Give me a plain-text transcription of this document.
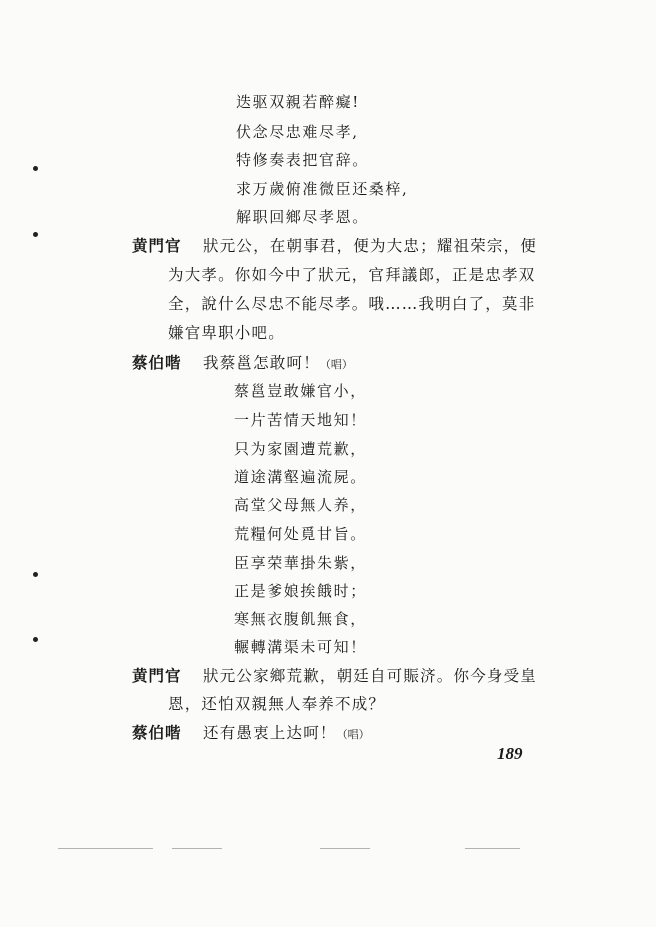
迭驱双親若醉癡!
伏念尽忠难尽孝,
特修奏表把官辞。
求万歲俯准微臣还桑梓,
解职回鄉尽孝恩。
黄門官 狀元公，在朝事君，便为大忠；耀祖荣宗，便
为大孝。你如今中了狀元，官拜議郎，正是忠孝双
全，說什么尽忠不能尽孝。哦……我明白了，莫非
嫌官卑职小吧。
蔡伯喈 我蔡邕怎敢呵！（唱）
蔡邕豈敢嫌官小，
一片苦情天地知！
只为家園遭荒歉，
道途溝壑遍流屍。
高堂父母無人养，
荒糧何处覓甘旨。
臣享荣華掛朱紫，
正是爹娘挨餓时；
寒無衣腹飢無食，
輾轉溝渠未可知！
黄門官 狀元公家鄉荒歉，朝廷自可賑济。你今身受皇
恩，还怕双親無人奉养不成？
蔡伯喈 还有愚衷上达呵！（唱）
189
